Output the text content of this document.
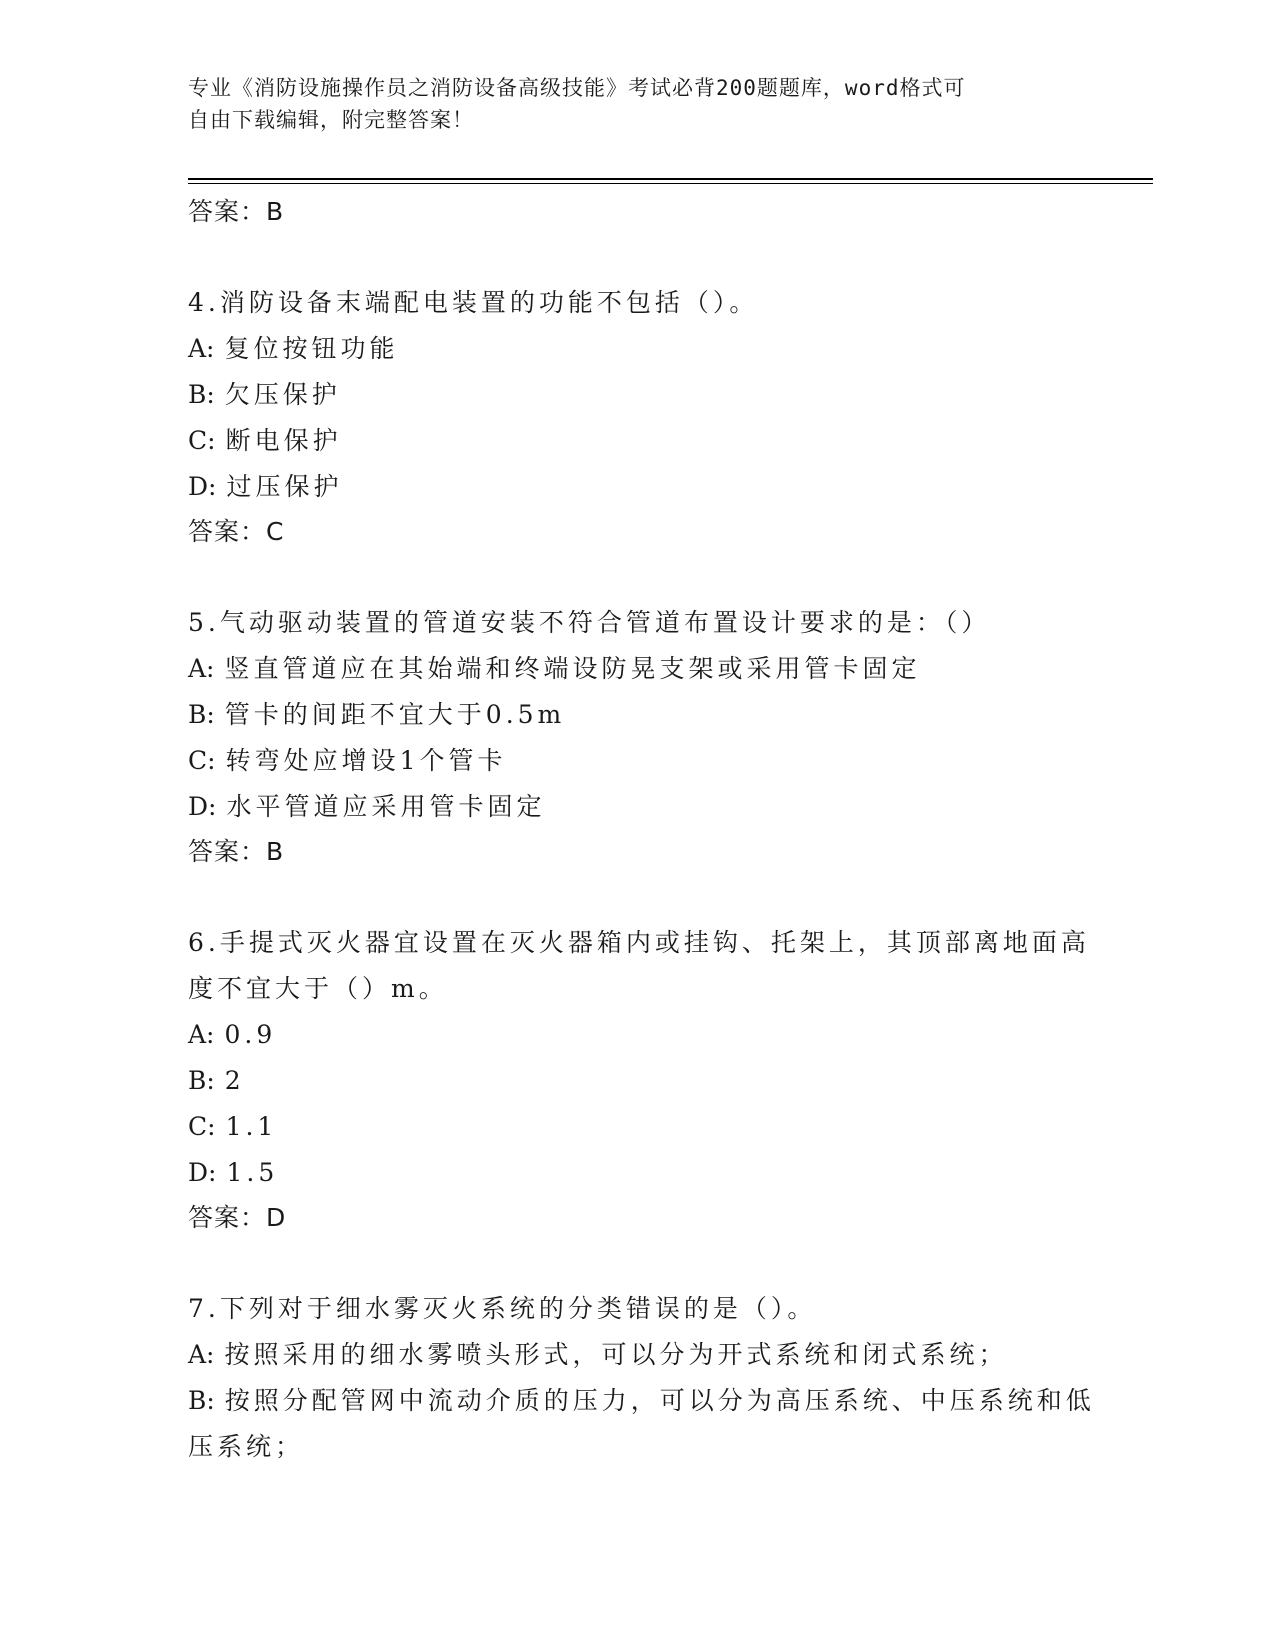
专业《消防设施操作员之消防设备高级技能》考试必背200题题库，word格式可
自由下载编辑，附完整答案！
答案：B
4.消防设备末端配电装置的功能不包括（）。
A: 复位按钮功能
B: 欠压保护
C: 断电保护
D: 过压保护
答案：C
5.气动驱动装置的管道安装不符合管道布置设计要求的是：（）
A: 竖直管道应在其始端和终端设防晃支架或采用管卡固定
B: 管卡的间距不宜大于0.5m
C: 转弯处应增设1个管卡
D: 水平管道应采用管卡固定
答案：B
6.手提式灭火器宜设置在灭火器箱内或挂钩、托架上，其顶部离地面高度不宜大于（）m。
A: 0.9
B: 2
C: 1.1
D: 1.5
答案：D
7.下列对于细水雾灭火系统的分类错误的是（）。
A: 按照采用的细水雾喷头形式，可以分为开式系统和闭式系统；
B: 按照分配管网中流动介质的压力，可以分为高压系统、中压系统和低压系统；
